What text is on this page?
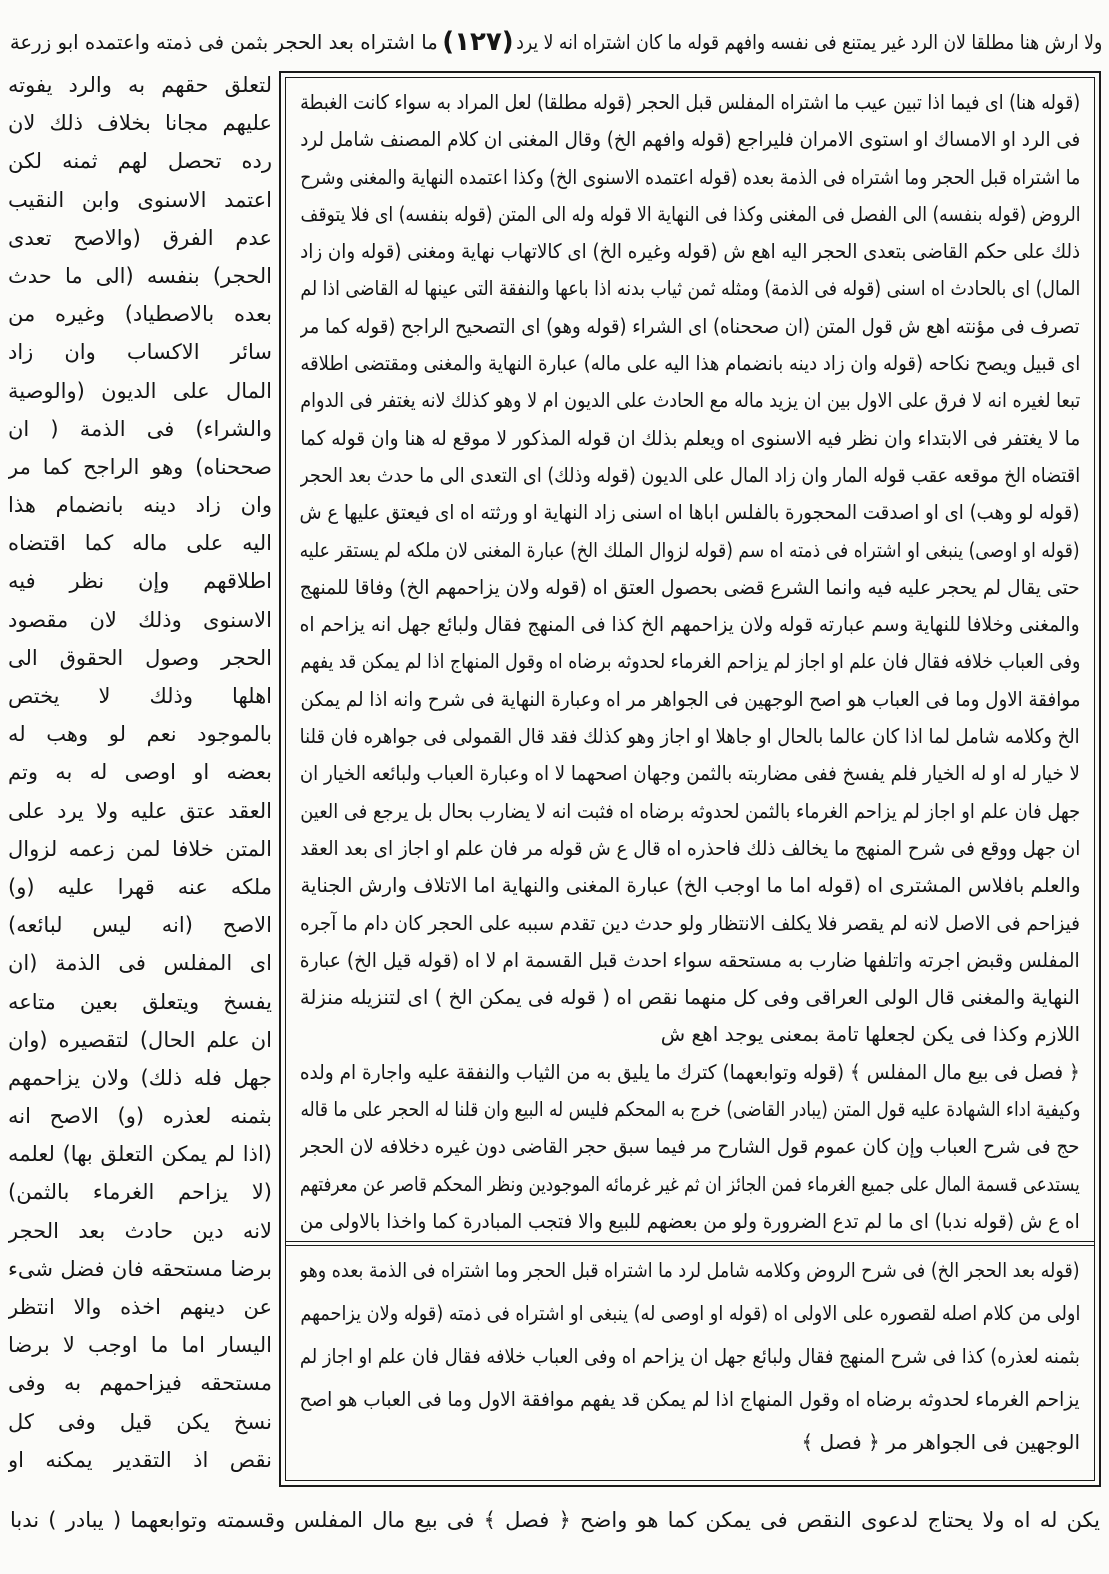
ولا ارش هنا مطلقا لان الرد غير يمتنع فى نفسه وافهم قوله ما كان اشتراه انه لا يرد
(١٢٧)
ما اشتراه بعد الحجر بثمن فى ذمته واعتمده ابو زرعة
لتعلق حقهم به والرد يفوته
عليهم مجانا بخلاف ذلك لان
رده تحصل لهم ثمنه لكن
اعتمد الاسنوى وابن النقيب
عدم الفرق (والاصح تعدى
الحجر) بنفسه (الى ما حدث
بعده بالاصطياد) وغيره من
سائر الاكساب وان زاد
المال على الديون (والوصية
والشراء) فى الذمة ( ان
صححناه) وهو الراجح كما مر
وان زاد دينه بانضمام هذا
اليه على ماله كما اقتضاه
اطلاقهم وإن نظر فيه
الاسنوى وذلك لان مقصود
الحجر وصول الحقوق الى
اهلها وذلك لا يختص
بالموجود نعم لو وهب له
بعضه او اوصى له به وتم
العقد عتق عليه ولا يرد على
المتن خلافا لمن زعمه لزوال
ملكه عنه قهرا عليه (و)
الاصح (انه ليس لبائعه)
اى المفلس فى الذمة (ان
يفسخ ويتعلق بعين متاعه
ان علم الحال) لتقصيره (وان
جهل فله ذلك) ولان يزاحمهم
بثمنه لعذره (و) الاصح انه
(اذا لم يمكن التعلق بها) لعلمه
(لا يزاحم الغرماء بالثمن)
لانه دين حادث بعد الحجر
برضا مستحقه فان فضل شىء
عن دينهم اخذه والا انتظر
اليسار اما ما اوجب لا برضا
مستحقه فيزاحمهم به وفى
نسخ يكن قيل وفى كل
نقص اذ التقدير يمكنه او
(قوله هنا) اى فيما اذا تبين عيب ما اشتراه المفلس قبل الحجر (قوله مطلقا) لعل المراد به سواء كانت الغبطة
فى الرد او الامساك او استوى الامران فليراجع (قوله وافهم الخ) وقال المغنى ان كلام المصنف شامل لرد
ما اشتراه قبل الحجر وما اشتراه فى الذمة بعده (قوله اعتمده الاسنوى الخ) وكذا اعتمده النهاية والمغنى وشرح
الروض (قوله بنفسه) الى الفصل فى المغنى وكذا فى النهاية الا قوله وله الى المتن (قوله بنفسه) اى فلا يتوقف
ذلك على حكم القاضى بتعدى الحجر اليه اهع ش (قوله وغيره الخ) اى كالاتهاب نهاية ومغنى (قوله وان زاد
المال) اى بالحادث اه اسنى (قوله فى الذمة) ومثله ثمن ثياب بدنه اذا باعها والنفقة التى عينها له القاضى اذا لم
تصرف فى مؤنته اهع ش قول المتن (ان صححناه) اى الشراء (قوله وهو) اى التصحيح الراجح (قوله كما مر
اى قبيل ويصح نكاحه (قوله وان زاد دينه بانضمام هذا اليه على ماله) عبارة النهاية والمغنى ومقتضى اطلاقه
تبعا لغيره انه لا فرق على الاول بين ان يزيد ماله مع الحادث على الديون ام لا وهو كذلك لانه يغتفر فى الدوام
ما لا يغتفر فى الابتداء وان نظر فيه الاسنوى اه ويعلم بذلك ان قوله المذكور لا موقع له هنا وان قوله كما
اقتضاه الخ موقعه عقب قوله المار وان زاد المال على الديون (قوله وذلك) اى التعدى الى ما حدث بعد الحجر
(قوله لو وهب) اى او اصدقت المحجورة بالفلس اباها اه اسنى زاد النهاية او ورثته اه اى فيعتق عليها ع ش
(قوله او اوصى) ينبغى او اشتراه فى ذمته اه سم (قوله لزوال الملك الخ) عبارة المغنى لان ملكه لم يستقر عليه
حتى يقال لم يحجر عليه فيه وانما الشرع قضى بحصول العتق اه (قوله ولان يزاحمهم الخ) وفاقا للمنهج
والمغنى وخلافا للنهاية وسم عبارته قوله ولان يزاحمهم الخ كذا فى المنهج فقال ولبائع جهل انه يزاحم اه
وفى العباب خلافه فقال فان علم او اجاز لم يزاحم الغرماء لحدوثه برضاه اه وقول المنهاج اذا لم يمكن قد يفهم
موافقة الاول وما فى العباب هو اصح الوجهين فى الجواهر مر اه وعبارة النهاية فى شرح وانه اذا لم يمكن
الخ وكلامه شامل لما اذا كان عالما بالحال او جاهلا او اجاز وهو كذلك فقد قال القمولى فى جواهره فان قلنا
لا خيار له او له الخيار فلم يفسخ ففى مضاربته بالثمن وجهان اصحهما لا اه وعبارة العباب ولبائعه الخيار ان
جهل فان علم او اجاز لم يزاحم الغرماء بالثمن لحدوثه برضاه اه فثبت انه لا يضارب بحال بل يرجع فى العين
ان جهل ووقع فى شرح المنهج ما يخالف ذلك فاحذره اه قال ع ش قوله مر فان علم او اجاز اى بعد العقد
والعلم بافلاس المشترى اه (قوله اما ما اوجب الخ) عبارة المغنى والنهاية اما الاتلاف وارش الجناية
فيزاحم فى الاصل لانه لم يقصر فلا يكلف الانتظار ولو حدث دين تقدم سببه على الحجر كان دام ما آجره
المفلس وقبض اجرته واتلفها ضارب به مستحقه سواء احدث قبل القسمة ام لا اه (قوله قيل الخ) عبارة
النهاية والمغنى قال الولى العراقى وفى كل منهما نقص اه ( قوله فى يمكن الخ ) اى لتنزيله منزلة
اللازم وكذا فى يكن لجعلها تامة بمعنى يوجد اهع ش
﴿ فصل فى بيع مال المفلس ﴾ (قوله وتوابعهما) كترك ما يليق به من الثياب والنفقة عليه واجارة ام ولده
وكيفية اداء الشهادة عليه قول المتن (يبادر القاضى) خرج به المحكم فليس له البيع وان قلنا له الحجر على ما قاله
حج فى شرح العباب وإن كان عموم قول الشارح مر فيما سبق حجر القاضى دون غيره دخلافه لان الحجر
يستدعى قسمة المال على جميع الغرماء فمن الجائز ان ثم غير غرمائه الموجودين ونظر المحكم قاصر عن معرفتهم
اه ع ش (قوله ندبا) اى ما لم تدع الضرورة ولو من بعضهم للبيع والا فتجب المبادرة كما واخذا بالاولى من
(قوله بعد الحجر الخ) فى شرح الروض وكلامه شامل لرد ما اشتراه قبل الحجر وما اشتراه فى الذمة بعده وهو
اولى من كلام اصله لقصوره على الاولى اه (قوله او اوصى له) ينبغى او اشتراه فى ذمته (قوله ولان يزاحمهم
بثمنه لعذره) كذا فى شرح المنهج فقال ولبائع جهل ان يزاحم اه وفى العباب خلافه فقال فان علم او اجاز لم
يزاحم الغرماء لحدوثه برضاه اه وقول المنهاج اذا لم يمكن قد يفهم موافقة الاول وما فى العباب هو اصح
الوجهين فى الجواهر مر ﴿ فصل ﴾
يكن له اه ولا يحتاج لدعوى النقص فى يمكن كما هو واضح ﴿ فصل ﴾ فى بيع مال المفلس وقسمته وتوابعهما ( يبادر ) ندبا
